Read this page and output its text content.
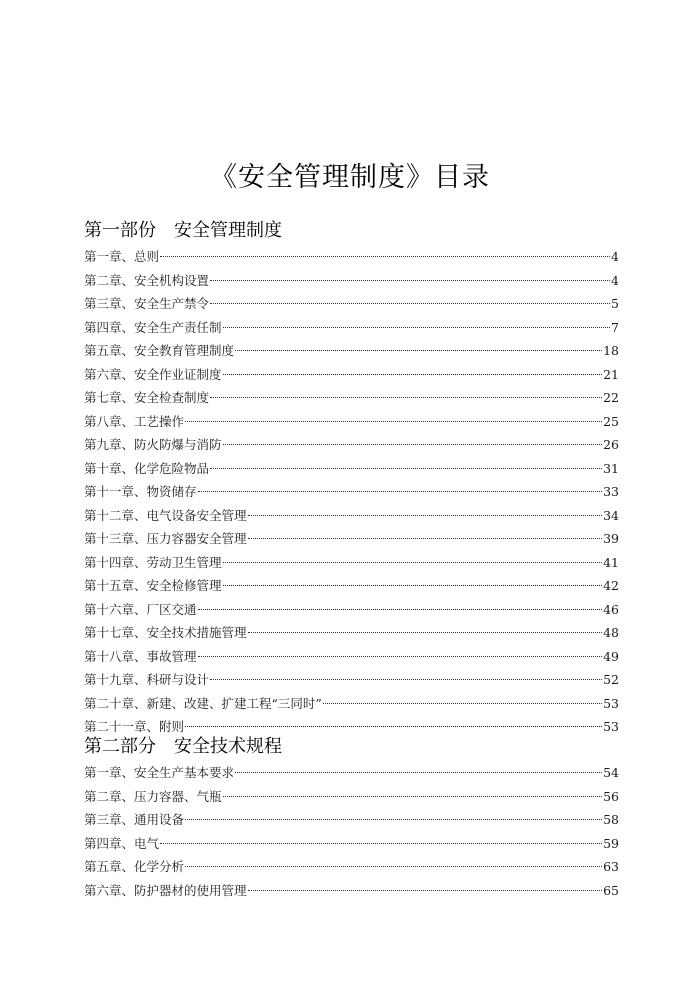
《安全管理制度》目录
第一部份　安全管理制度
第一章、总则	4
第二章、安全机构设置	4
第三章、安全生产禁令	5
第四章、安全生产责任制	7
第五章、安全教育管理制度	18
第六章、安全作业证制度	21
第七章、安全检查制度	22
第八章、工艺操作	25
第九章、防火防爆与消防	26
第十章、化学危险物品	31
第十一章、物资储存	33
第十二章、电气设备安全管理	34
第十三章、压力容器安全管理	39
第十四章、劳动卫生管理	41
第十五章、安全检修管理	42
第十六章、厂区交通	46
第十七章、安全技术措施管理	48
第十八章、事故管理	49
第十九章、科研与设计	52
第二十章、新建、改建、扩建工程“三同时”	53
第二十一章、附则	53
第二部分　安全技术规程
第一章、安全生产基本要求	54
第二章、压力容器、气瓶	56
第三章、通用设备	58
第四章、电气	59
第五章、化学分析	63
第六章、防护器材的使用管理	65
